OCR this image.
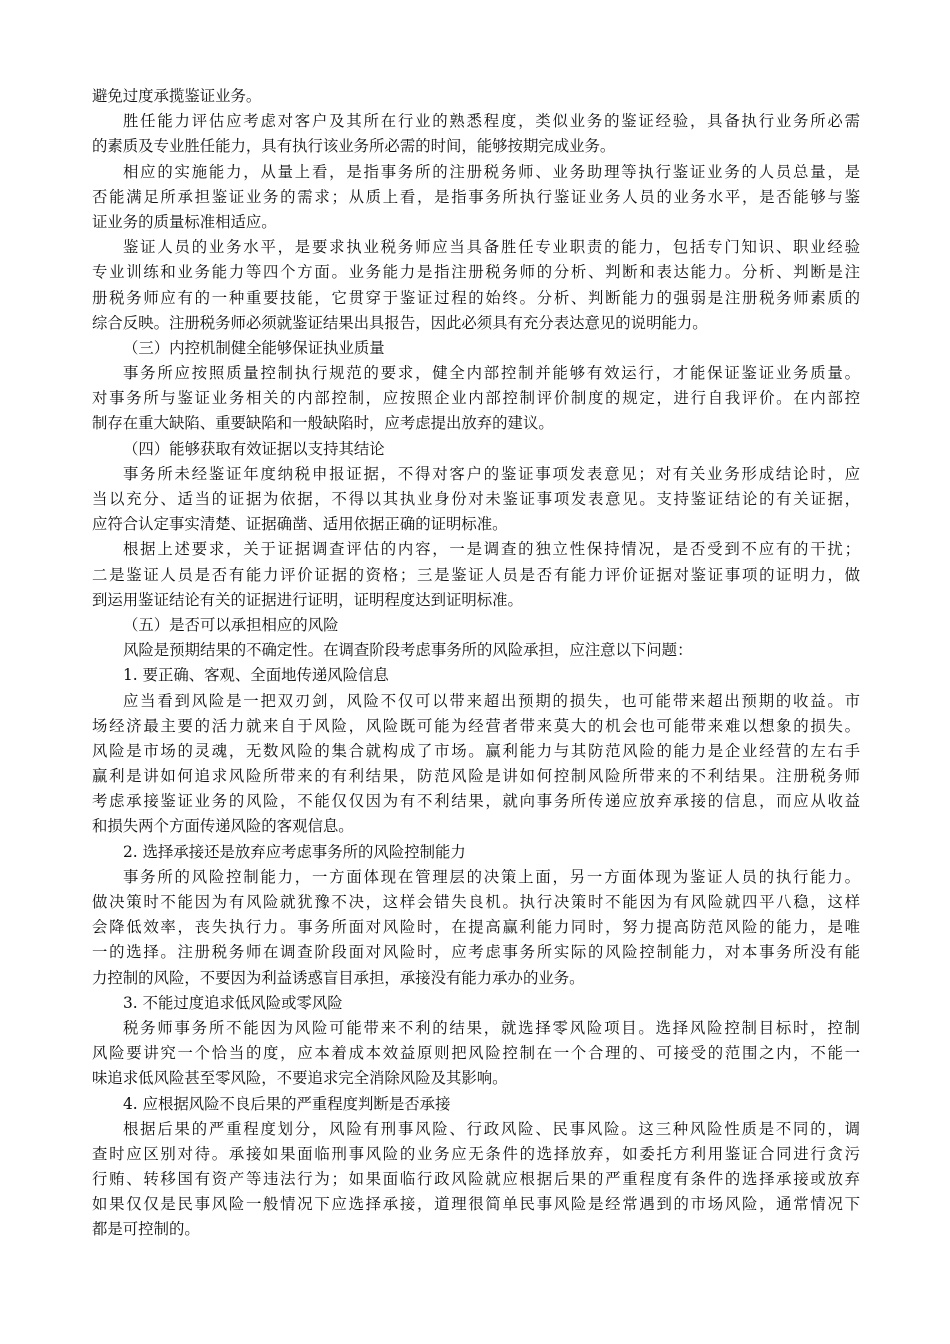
避免过度承揽鉴证业务。
胜任能力评估应考虑对客户及其所在行业的熟悉程度，类似业务的鉴证经验，具备执行业务所必需
的素质及专业胜任能力，具有执行该业务所必需的时间，能够按期完成业务。
相应的实施能力，从量上看，是指事务所的注册税务师、业务助理等执行鉴证业务的人员总量，是
否能满足所承担鉴证业务的需求；从质上看，是指事务所执行鉴证业务人员的业务水平，是否能够与鉴
证业务的质量标准相适应。
鉴证人员的业务水平，是要求执业税务师应当具备胜任专业职责的能力，包括专门知识、职业经验
专业训练和业务能力等四个方面。业务能力是指注册税务师的分析、判断和表达能力。分析、判断是注
册税务师应有的一种重要技能，它贯穿于鉴证过程的始终。分析、判断能力的强弱是注册税务师素质的
综合反映。注册税务师必须就鉴证结果出具报告，因此必须具有充分表达意见的说明能力。
（三）内控机制健全能够保证执业质量
事务所应按照质量控制执行规范的要求，健全内部控制并能够有效运行，才能保证鉴证业务质量。
对事务所与鉴证业务相关的内部控制，应按照企业内部控制评价制度的规定，进行自我评价。在内部控
制存在重大缺陷、重要缺陷和一般缺陷时，应考虑提出放弃的建议。
（四）能够获取有效证据以支持其结论
事务所未经鉴证年度纳税申报证据，不得对客户的鉴证事项发表意见；对有关业务形成结论时，应
当以充分、适当的证据为依据，不得以其执业身份对未鉴证事项发表意见。支持鉴证结论的有关证据，
应符合认定事实清楚、证据确凿、适用依据正确的证明标准。
根据上述要求，关于证据调查评估的内容，一是调查的独立性保持情况，是否受到不应有的干扰；
二是鉴证人员是否有能力评价证据的资格；三是鉴证人员是否有能力评价证据对鉴证事项的证明力，做
到运用鉴证结论有关的证据进行证明，证明程度达到证明标准。
（五）是否可以承担相应的风险
风险是预期结果的不确定性。在调查阶段考虑事务所的风险承担，应注意以下问题：
1. 要正确、客观、全面地传递风险信息
应当看到风险是一把双刃剑，风险不仅可以带来超出预期的损失，也可能带来超出预期的收益。市
场经济最主要的活力就来自于风险，风险既可能为经营者带来莫大的机会也可能带来难以想象的损失。
风险是市场的灵魂，无数风险的集合就构成了市场。赢利能力与其防范风险的能力是企业经营的左右手
赢利是讲如何追求风险所带来的有利结果，防范风险是讲如何控制风险所带来的不利结果。注册税务师
考虑承接鉴证业务的风险，不能仅仅因为有不利结果，就向事务所传递应放弃承接的信息，而应从收益
和损失两个方面传递风险的客观信息。
2. 选择承接还是放弃应考虑事务所的风险控制能力
事务所的风险控制能力，一方面体现在管理层的决策上面，另一方面体现为鉴证人员的执行能力。
做决策时不能因为有风险就犹豫不决，这样会错失良机。执行决策时不能因为有风险就四平八稳，这样
会降低效率，丧失执行力。事务所面对风险时，在提高赢利能力同时，努力提高防范风险的能力，是唯
一的选择。注册税务师在调查阶段面对风险时，应考虑事务所实际的风险控制能力，对本事务所没有能
力控制的风险，不要因为利益诱惑盲目承担，承接没有能力承办的业务。
3. 不能过度追求低风险或零风险
税务师事务所不能因为风险可能带来不利的结果，就选择零风险项目。选择风险控制目标时，控制
风险要讲究一个恰当的度，应本着成本效益原则把风险控制在一个合理的、可接受的范围之内，不能一
味追求低风险甚至零风险，不要追求完全消除风险及其影响。
4. 应根据风险不良后果的严重程度判断是否承接
根据后果的严重程度划分，风险有刑事风险、行政风险、民事风险。这三种风险性质是不同的，调
查时应区别对待。承接如果面临刑事风险的业务应无条件的选择放弃，如委托方利用鉴证合同进行贪污
行贿、转移国有资产等违法行为；如果面临行政风险就应根据后果的严重程度有条件的选择承接或放弃
如果仅仅是民事风险一般情况下应选择承接，道理很简单民事风险是经常遇到的市场风险，通常情况下
都是可控制的。
